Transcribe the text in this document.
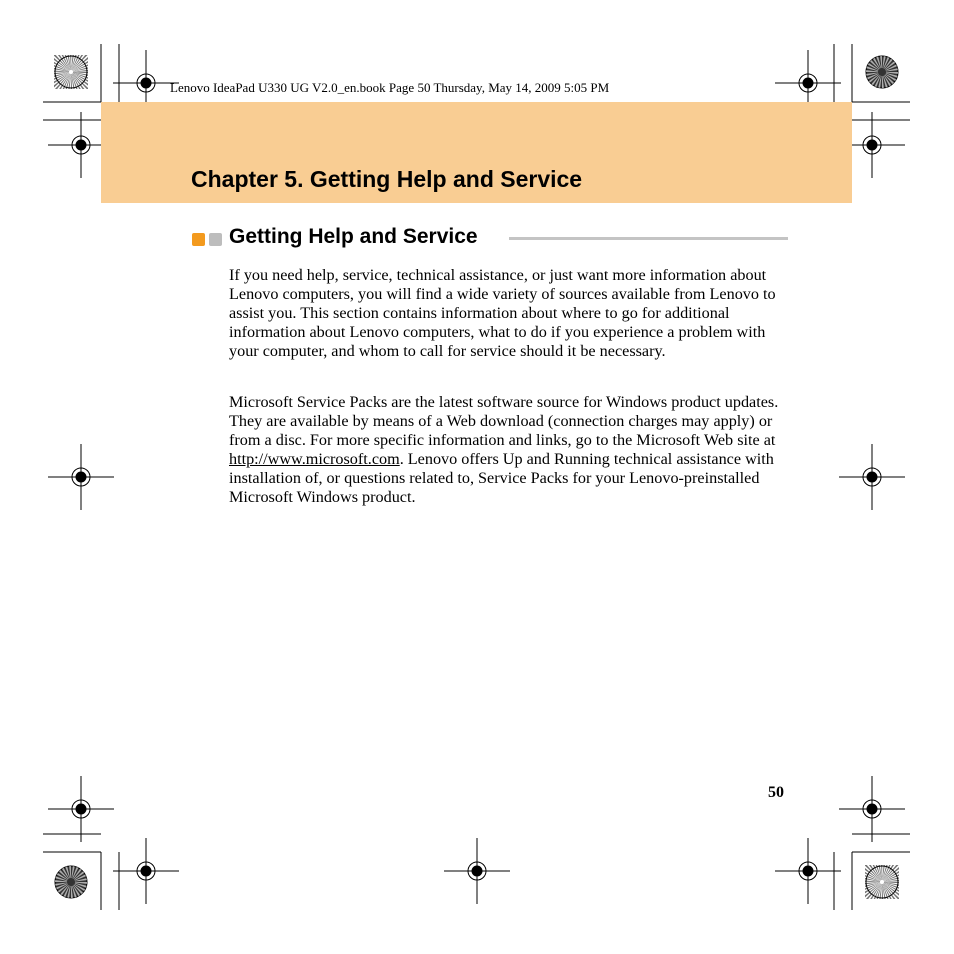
Lenovo IdeaPad U330 UG V2.0_en.book Page 50 Thursday, May 14, 2009 5:05 PM
Chapter 5. Getting Help and Service
Getting Help and Service

If you need help, service, technical assistance, or just want more information about Lenovo computers, you will find a wide variety of sources available from Lenovo to assist you. This section contains information about where to go for additional information about Lenovo computers, what to do if you experience a problem with your computer, and whom to call for service should it be necessary.

Microsoft Service Packs are the latest software source for Windows product updates. They are available by means of a Web download (connection charges may apply) or from a disc. For more specific information and links, go to the Microsoft Web site at http://www.microsoft.com. Lenovo offers Up and Running technical assistance with installation of, or questions related to, Service Packs for your Lenovo-preinstalled Microsoft Windows product.

50
